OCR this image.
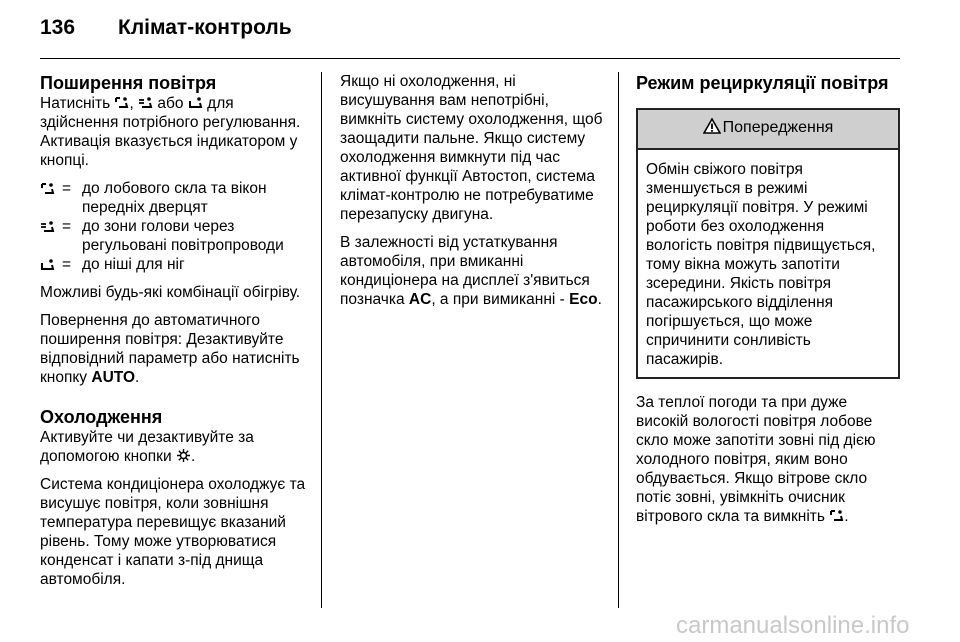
136 Клімат-контроль
Поширення повітря

Натисніть , або для здійснення потрібного регулювання. Активація вказується індикатором у кнопці.

= до лобового скла та вікон передніх дверцят
= до зони голови через регульовані повітропроводи
= до ніші для ніг

Можливі будь-які комбінації обігріву.

Повернення до автоматичного поширення повітря: Дезактивуйте відповідний параметр або натисніть кнопку AUTO.

Охолодження

Активуйте чи дезактивуйте за допомогою кнопки .

Система кондиціонера охолоджує та висушує повітря, коли зовнішня температура перевищує вказаний рівень. Тому може утворюватися конденсат і капати з-під днища автомобіля.

Якщо ні охолодження, ні висушування вам непотрібні, вимкніть систему охолодження, щоб заощадити пальне. Якщо систему охолодження вимкнути під час активної функції Автостоп, система клімат-контролю не потребуватиме перезапуску двигуна.

В залежності від устаткування автомобіля, при вмиканні кондиціонера на дисплеї з'явиться позначка AC, а при вимиканні - Eco.

Режим рециркуляції повітря
Попередження
Обмін свіжого повітря зменшується в режимі рециркуляції повітря. У режимі роботи без охолодження вологість повітря підвищується, тому вікна можуть запотіти зсередини. Якість повітря пасажирського відділення погіршується, що може спричинити сонливість пасажирів.

За теплої погоди та при дуже високій вологості повітря лобове скло може запотіти зовні під дією холодного повітря, яким воно обдувається. Якщо вітрове скло потіє зовні, увімкніть очисник вітрового скла та вимкніть .

carmanualsonline.info
